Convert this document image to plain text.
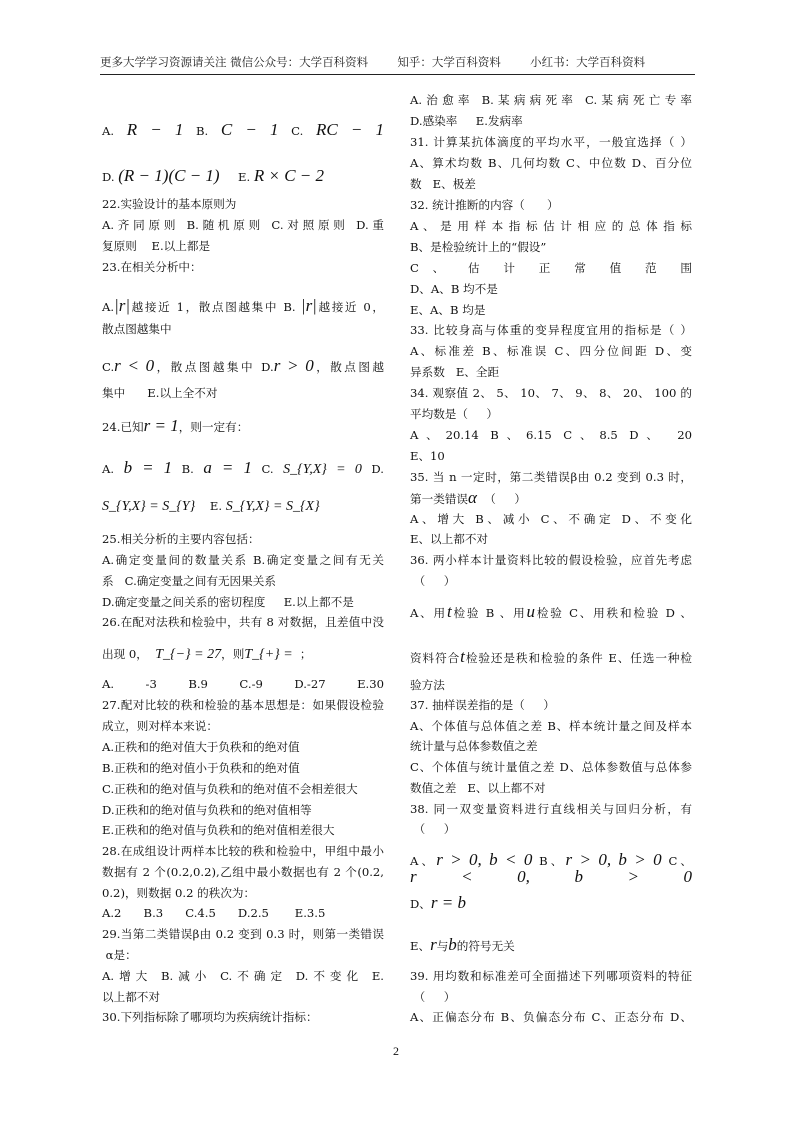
更多大学学习资源请关注 微信公众号：大学百科资料        知乎：大学百科资料        小红书：大学百科资料
A. R − 1 B. C − 1 C. RC − 1
D. (R − 1)(C − 1)     E. R × C − 2
22.实验设计的基本原则为
A.齐同原则 B.随机原则 C.对照原则 D.重
复原则    E.以上都是
23.在相关分析中：
A.|r|越接近 1，散点图越集中 B. |r|越接近 0，
散点图越集中
C.r < 0，散点图越集中 D.r > 0，散点图越
集中      E.以上全不对
24.已知r = 1，则一定有：
A. b = 1 B. a = 1 C. S_{Y,X} = 0 D.
S_{Y,X} = S_{Y}    E. S_{Y,X} = S_{X}
25.相关分析的主要内容包括：
A.确定变量间的数量关系 B.确定变量之间有无关
系   C.确定变量之间有无因果关系
D.确定变量之间关系的密切程度     E.以上都不是
26.在配对法秩和检验中，共有 8 对数据，且差值中没
出现 0，  T_{−} = 27，则T_{+} =  ；
A. -3 B.9 C.-9 D.-27 E.30
27.配对比较的秩和检验的基本思想是：如果假设检验
成立，则对样本来说：
A.正秩和的绝对值大于负秩和的绝对值
B.正秩和的绝对值小于负秩和的绝对值
C.正秩和的绝对值与负秩和的绝对值不会相差很大
D.正秩和的绝对值与负秩和的绝对值相等
E.正秩和的绝对值与负秩和的绝对值相差很大
28.在成组设计两样本比较的秩和检验中，甲组中最小
数据有 2 个(0.2,0.2),乙组中最小数据也有 2 个(0.2,
0.2)，则数据 0.2 的秩次为：
A.2      B.3      C.4.5      D.2.5       E.3.5
29.当第二类错误β由 0.2 变到 0.3 时，则第一类错误
α是：
A.增大 B.减小 C.不确定 D.不变化 E.
以上都不对
30.下列指标除了哪项均为疾病统计指标：
A.治愈率 B.某病病死率 C.某病死亡专率
D.感染率     E.发病率
31. 计算某抗体滴度的平均水平，一般宜选择（ ）
A、算术均数 B、几何均数 C、中位数 D、百分位
数   E、极差
32. 统计推断的内容（      ）
A 、 是 用 样 本 指 标 估 计 相 应 的 总 体 指 标
B、是检验统计上的“假设”
C 、 估 计 正 常 值 范 围
D、A、B 均不是
E、A、B 均是
33. 比较身高与体重的变异程度宜用的指标是（ ）
A、标准差 B、标准误 C、四分位间距 D、变
异系数   E、全距
34. 观察值 2、 5、 10、 7、 9、 8、 20、 100 的
平均数是（     ）
A、20.14 B、6.15 C、8.5 D、 20
E、10
35. 当 n 一定时，第二类错误β由 0.2 变到 0.3 时，
第一类错误α  （     ）
A、增大 B、减小 C、不确定 D、不变化
E、以上都不对
36. 两小样本计量资料比较的假设检验，应首先考虑
（     ）
A、用t检验 B 、用u检验 C、用秩和检验 D 、
资料符合t检验还是秩和检验的条件 E、任选一种检
验方法
37. 抽样误差指的是（     ）
A、个体值与总体值之差 B、样本统计量之间及样本
统计量与总体参数值之差
C、个体值与统计量值之差 D、总体参数值与总体参
数值之差   E、以上都不对
38. 同一双变量资料进行直线相关与回归分析，有
（     ）
A、r > 0, b < 0 B、r > 0, b > 0 C、r < 0, b > 0
D、r = b
E、r与b的符号无关
39. 用均数和标准差可全面描述下列哪项资料的特征
（     ）
A、正偏态分布 B、负偏态分布 C、正态分布 D、
2
